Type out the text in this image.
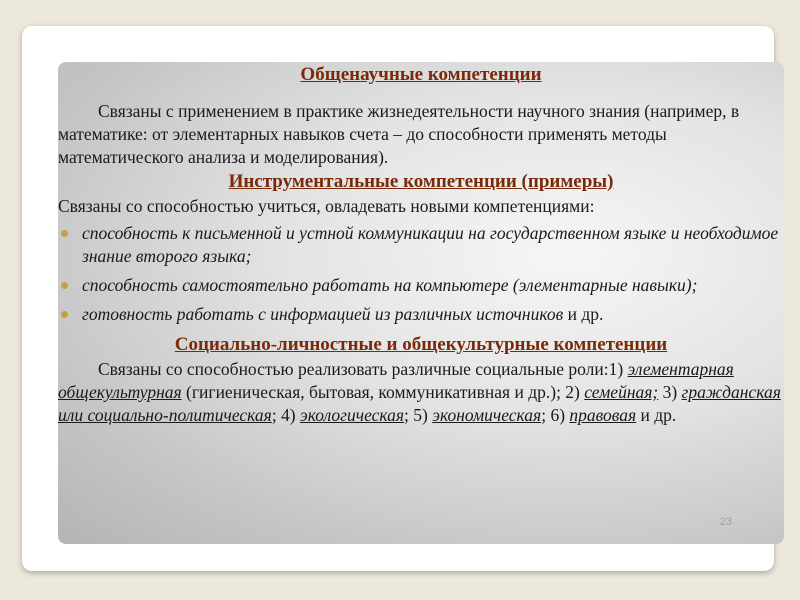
Общенаучные компетенции

Связаны с применением в практике жизнедеятельности научного знания (например, в математике: от элементарных навыков счета – до способности применять методы математического анализа и моделирования).

Инструментальные компетенции (примеры)

Связаны со способностью учиться, овладевать новыми компетенциями:

способность к письменной и устной коммуникации на государственном языке и необходимое знание второго языка;
способность самостоятельно работать на компьютере (элементарные навыки);
готовность работать с информацией из различных источников и др.
Социально-личностные и общекультурные компетенции

Связаны со способностью реализовать различные социальные роли:1) элементарная общекультурная (гигиеническая, бытовая, коммуникативная и др.); 2) семейная; 3) гражданская или социально-политическая; 4) экологическая; 5) экономическая; 6) правовая и др.

23
